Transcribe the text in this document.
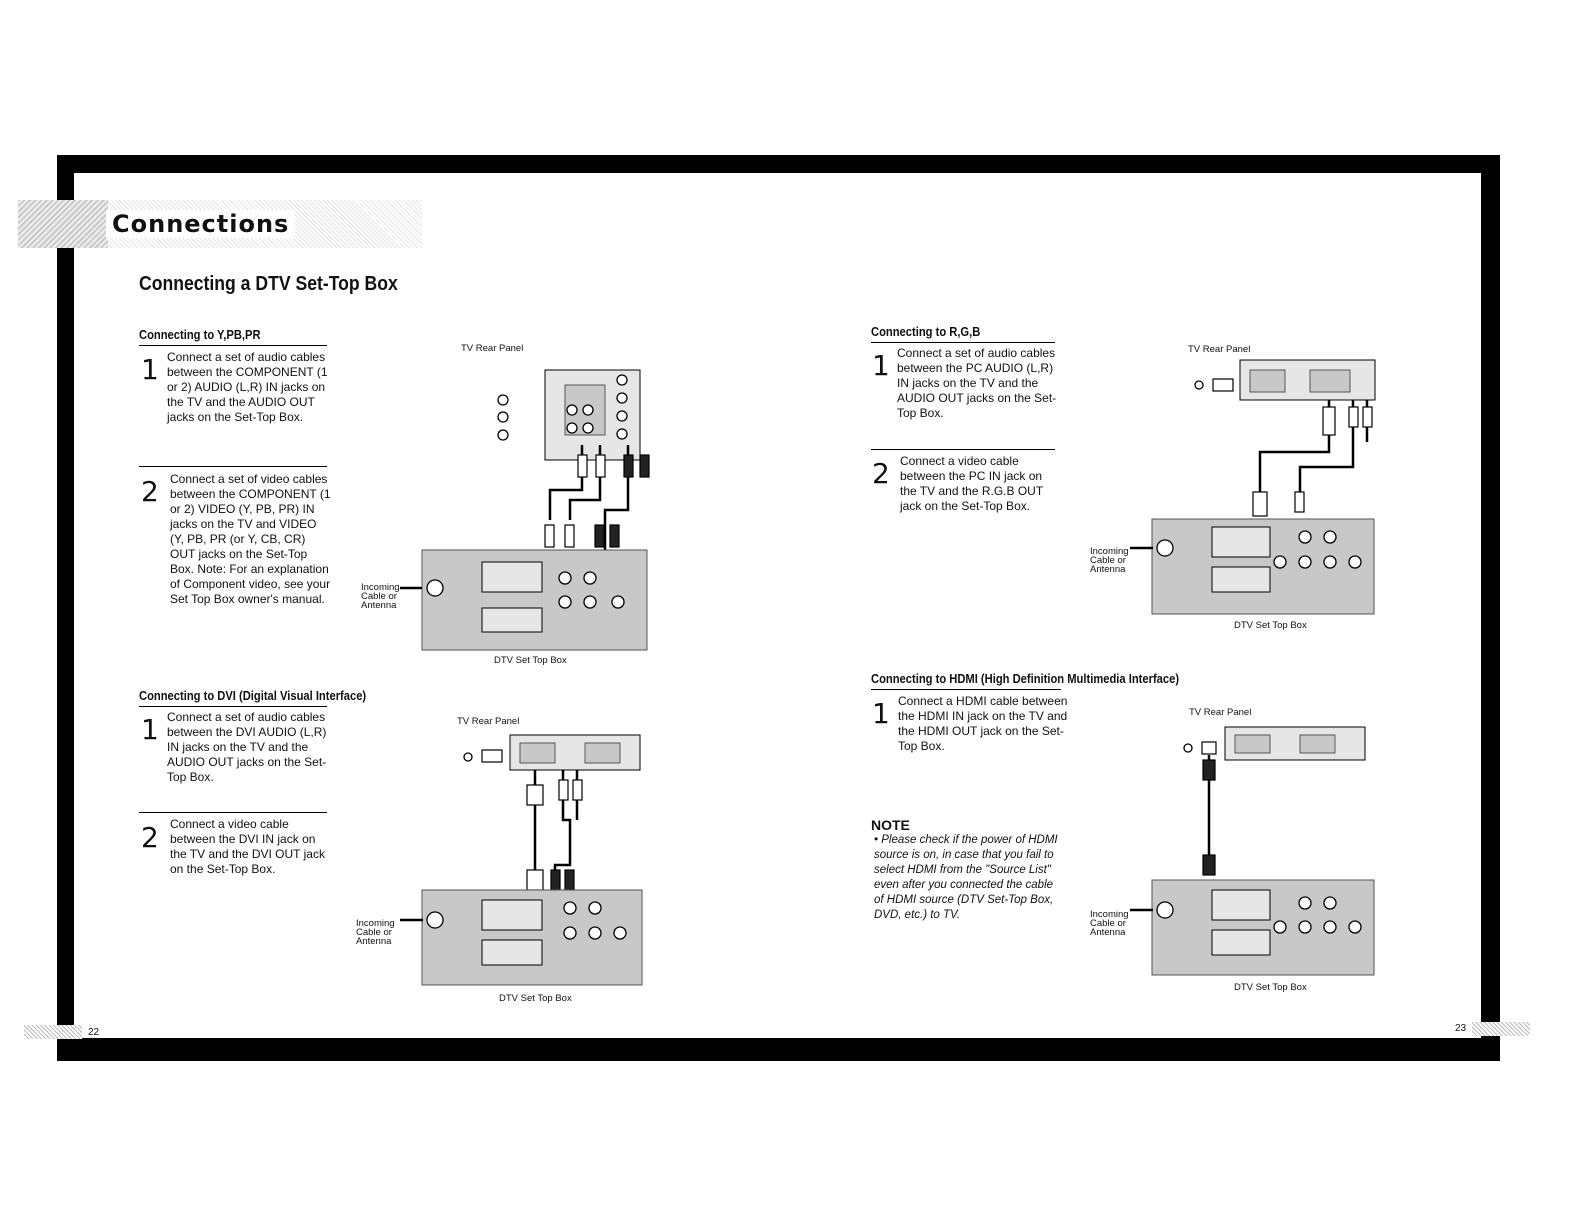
Connections
Connecting a DTV Set-Top Box
Connecting to Y,PB,PR
1 Connect a set of audio cables between the COMPONENT (1 or 2) AUDIO (L,R) IN jacks on the TV and the AUDIO OUT jacks on the Set-Top Box.
2 Connect a set of video cables between the COMPONENT (1 or 2) VIDEO (Y, PB, PR) IN jacks on the TV and VIDEO (Y, PB, PR (or Y, CB, CR) OUT jacks on the Set-Top Box. Note: For an explanation of Component video, see your Set Top Box owner's manual.
Connecting to DVI (Digital Visual Interface)
1 Connect a set of audio cables between the DVI AUDIO (L,R) IN jacks on the TV and the AUDIO OUT jacks on the Set-Top Box.
2 Connect a video cable between the DVI IN jack on the TV and the DVI OUT jack on the Set-Top Box.
Connecting to R,G,B
1 Connect a set of audio cables between the PC AUDIO (L,R) IN jacks on the TV and the AUDIO OUT jacks on the Set-Top Box.
2 Connect a video cable between the PC IN jack on the TV and the R.G.B OUT jack on the Set-Top Box.
Connecting to HDMI (High Definition Multimedia Interface)
1 Connect a HDMI cable between the HDMI IN jack on the TV and the HDMI OUT jack on the Set-Top Box.
NOTE
• Please check if the power of HDMI source is on, in case that you fail to select HDMI from the "Source List" even after you connected the cable of HDMI source (DTV Set-Top Box, DVD, etc.) to TV.
TV Rear Panel
Incoming Cable or Antenna
DTV Set Top Box
TV Rear Panel
Incoming Cable or Antenna
DTV Set Top Box
TV Rear Panel
Incoming Cable or Antenna
DTV Set Top Box
TV Rear Panel
Incoming Cable or Antenna
DTV Set Top Box
22	23
